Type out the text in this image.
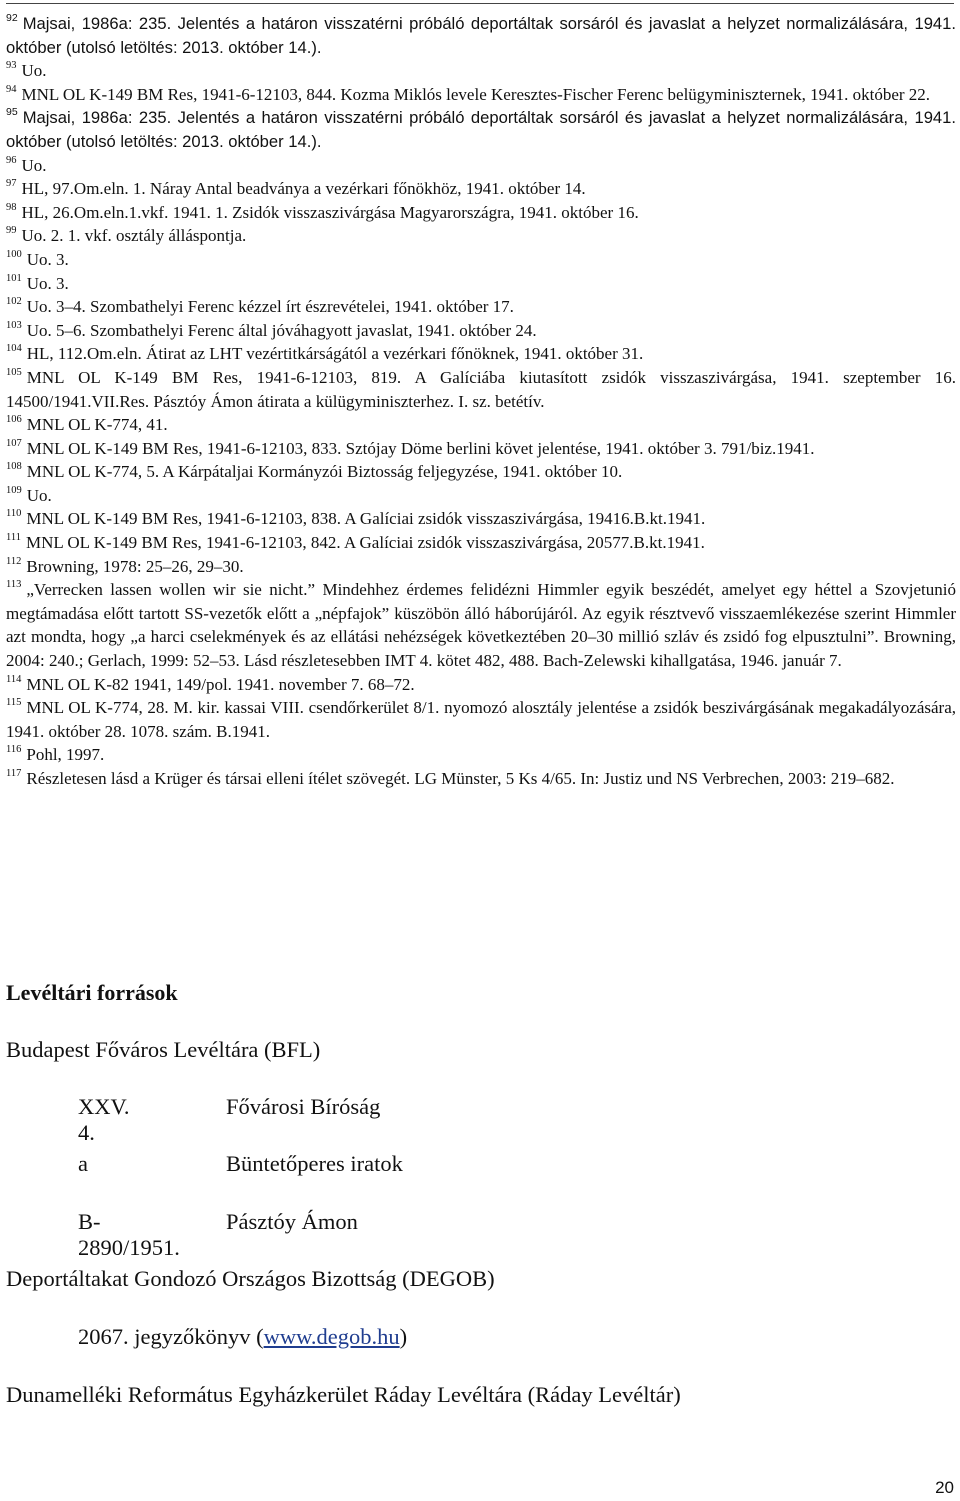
$^{92}$ Majsai, 1986a: 235. Jelentés a határon visszatérni próbáló deportáltak sorsáról és javaslat a helyzet normalizálására, 1941. október (utolsó letöltés: 2013. október 14.).
$^{93}$ Uo.
$^{94}$ MNL OL K-149 BM Res, 1941-6-12103, 844. Kozma Miklós levele Keresztes-Fischer Ferenc belügyminiszternek, 1941. október 22.
$^{95}$ Majsai, 1986a: 235. Jelentés a határon visszatérni próbáló deportáltak sorsáról és javaslat a helyzet normalizálására, 1941. október (utolsó letöltés: 2013. október 14.).
$^{96}$ Uo.
$^{97}$ HL, 97.Om.eln. 1. Náray Antal beadványa a vezérkari főnökhöz, 1941. október 14.
$^{98}$ HL, 26.Om.eln.1.vkf. 1941. 1. Zsidók visszaszivárgása Magyarországra, 1941. október 16.
$^{99}$ Uo. 2. 1. vkf. osztály álláspontja.
$^{100}$ Uo. 3.
$^{101}$ Uo. 3.
$^{102}$ Uo. 3–4. Szombathelyi Ferenc kézzel írt észrevételei, 1941. október 17.
$^{103}$ Uo. 5–6. Szombathelyi Ferenc által jóváhagyott javaslat, 1941. október 24.
$^{104}$ HL, 112.Om.eln. Átirat az LHT vezértitkárságától a vezérkari főnöknek, 1941. október 31.
$^{105}$ MNL OL K-149 BM Res, 1941-6-12103, 819. A Galíciába kiutasított zsidók visszaszivárgása, 1941. szeptember 16. 14500/1941.VII.Res. Pásztóy Ámon átirata a külügyminiszterhez. I. sz. betétív.
$^{106}$ MNL OL K-774, 41.
$^{107}$ MNL OL K-149 BM Res, 1941-6-12103, 833. Sztójay Döme berlini követ jelentése, 1941. október 3. 791/biz.1941.
$^{108}$ MNL OL K-774, 5. A Kárpátaljai Kormányzói Biztosság feljegyzése, 1941. október 10.
$^{109}$ Uo.
$^{110}$ MNL OL K-149 BM Res, 1941-6-12103, 838. A Galíciai zsidók visszaszivárgása, 19416.B.kt.1941.
$^{111}$ MNL OL K-149 BM Res, 1941-6-12103, 842. A Galíciai zsidók visszaszivárgása, 20577.B.kt.1941.
$^{112}$ Browning, 1978: 25–26, 29–30.
$^{113}$ „Verrecken lassen wollen wir sie nicht.” Mindehhez érdemes felidézni Himmler egyik beszédét, amelyet egy héttel a Szovjetunió megtámadása előtt tartott SS-vezetők előtt a „népfajok” küszöbön álló háborújáról. Az egyik résztvevő visszaemlékezése szerint Himmler azt mondta, hogy „a harci cselekmények és az ellátási nehézségek következtében 20–30 millió szláv és zsidó fog elpusztulni”. Browning, 2004: 240.; Gerlach, 1999: 52–53. Lásd részletesebben IMT 4. kötet 482, 488. Bach-Zelewski kihallgatása, 1946. január 7.
$^{114}$ MNL OL K-82 1941, 149/pol. 1941. november 7. 68–72.
$^{115}$ MNL OL K-774, 28. M. kir. kassai VIII. csendőrkerület 8/1. nyomozó alosztály jelentése a zsidók beszivárgásának megakadályozására, 1941. október 28. 1078. szám. B.1941.
$^{116}$ Pohl, 1997.
$^{117}$ Részletesen lásd a Krüger és társai elleni ítélet szövegét. LG Münster, 5 Ks 4/65. In: Justiz und NS Verbrechen, 2003: 219–682.
Levéltári források
Budapest Főváros Levéltára (BFL)
XXV. 4.
Fővárosi Bíróság
a	Büntetőperes iratok
B-2890/1951.
Pásztóy Ámon
Deportáltakat Gondozó Országos Bizottság (DEGOB)
2067. jegyzőkönyv (www.degob.hu)
Dunamelléki Református Egyházkerület Ráday Levéltára (Ráday Levéltár)
20
